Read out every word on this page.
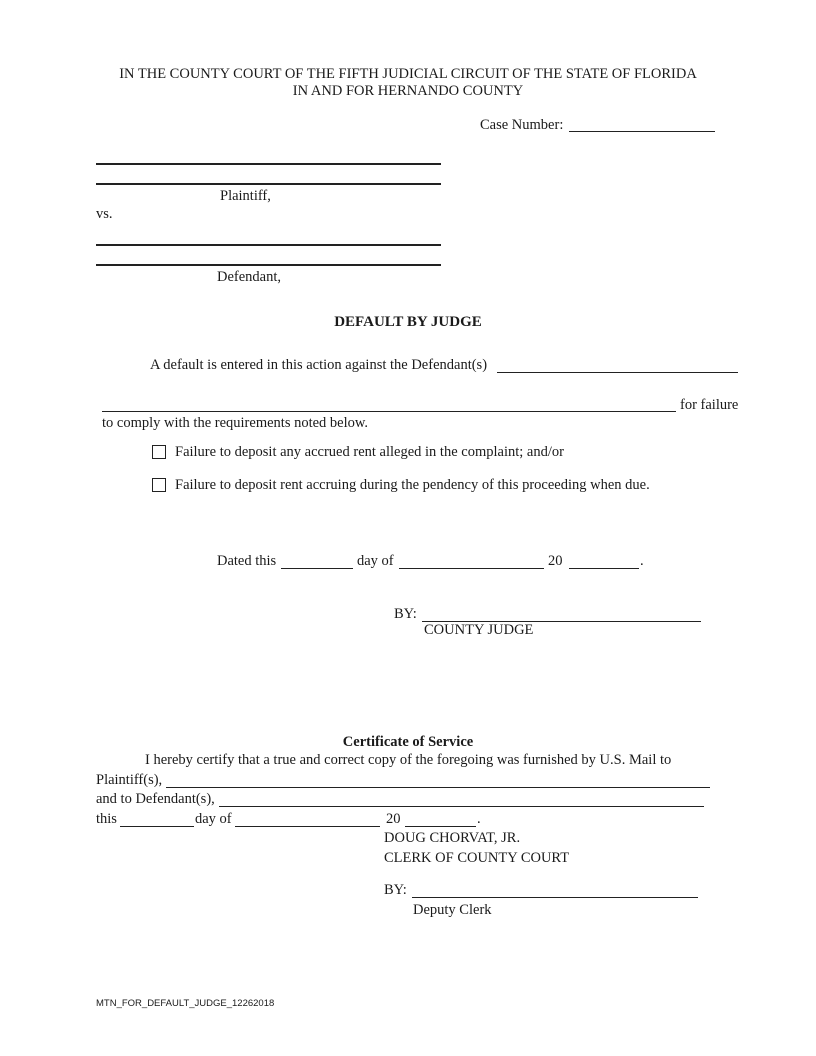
IN THE COUNTY COURT OF THE FIFTH JUDICIAL CIRCUIT OF THE STATE OF FLORIDA
IN AND FOR HERNANDO COUNTY
Case Number:
Plaintiff,
vs.
Defendant,
DEFAULT BY JUDGE
A default is entered in this action against the Defendant(s)
for failure
to comply with the requirements noted below.
Failure to deposit any accrued rent alleged in the complaint; and/or
Failure to deposit rent accruing during the pendency of this proceeding when due.
Dated this	day of	20	.
BY:
COUNTY JUDGE
Certificate of Service
I hereby certify that a true and correct copy of the foregoing was furnished by U.S. Mail to
Plaintiff(s),
and to Defendant(s),
this	day of	20	.
DOUG CHORVAT, JR.
CLERK OF COUNTY COURT
BY:
Deputy Clerk
MTN_FOR_DEFAULT_JUDGE_12262018
